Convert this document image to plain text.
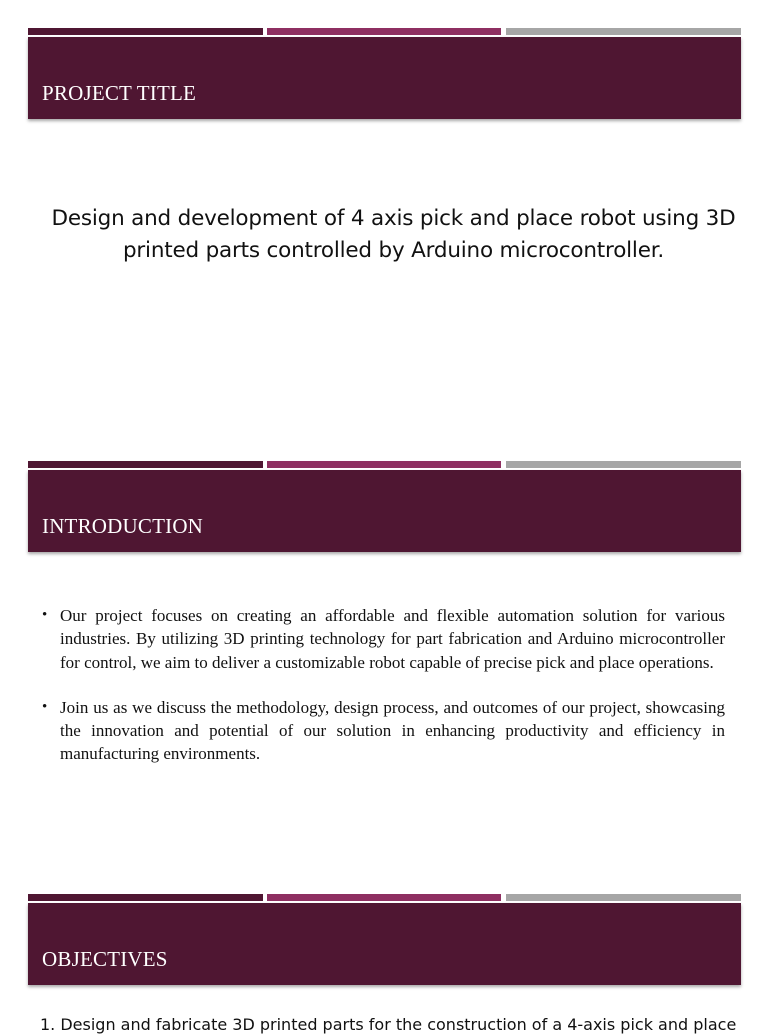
PROJECT TITLE
Design and development of 4 axis pick and place robot using 3D printed parts controlled by Arduino microcontroller.
INTRODUCTION
• Our project focuses on creating an affordable and flexible automation solution for various industries. By utilizing 3D printing technology for part fabrication and Arduino microcontroller for control, we aim to deliver a customizable robot capable of precise pick and place operations.
• Join us as we discuss the methodology, design process, and outcomes of our project, showcasing the innovation and potential of our solution in enhancing productivity and efficiency in manufacturing environments.
OBJECTIVES
1. Design and fabricate 3D printed parts for the construction of a 4-axis pick and place
